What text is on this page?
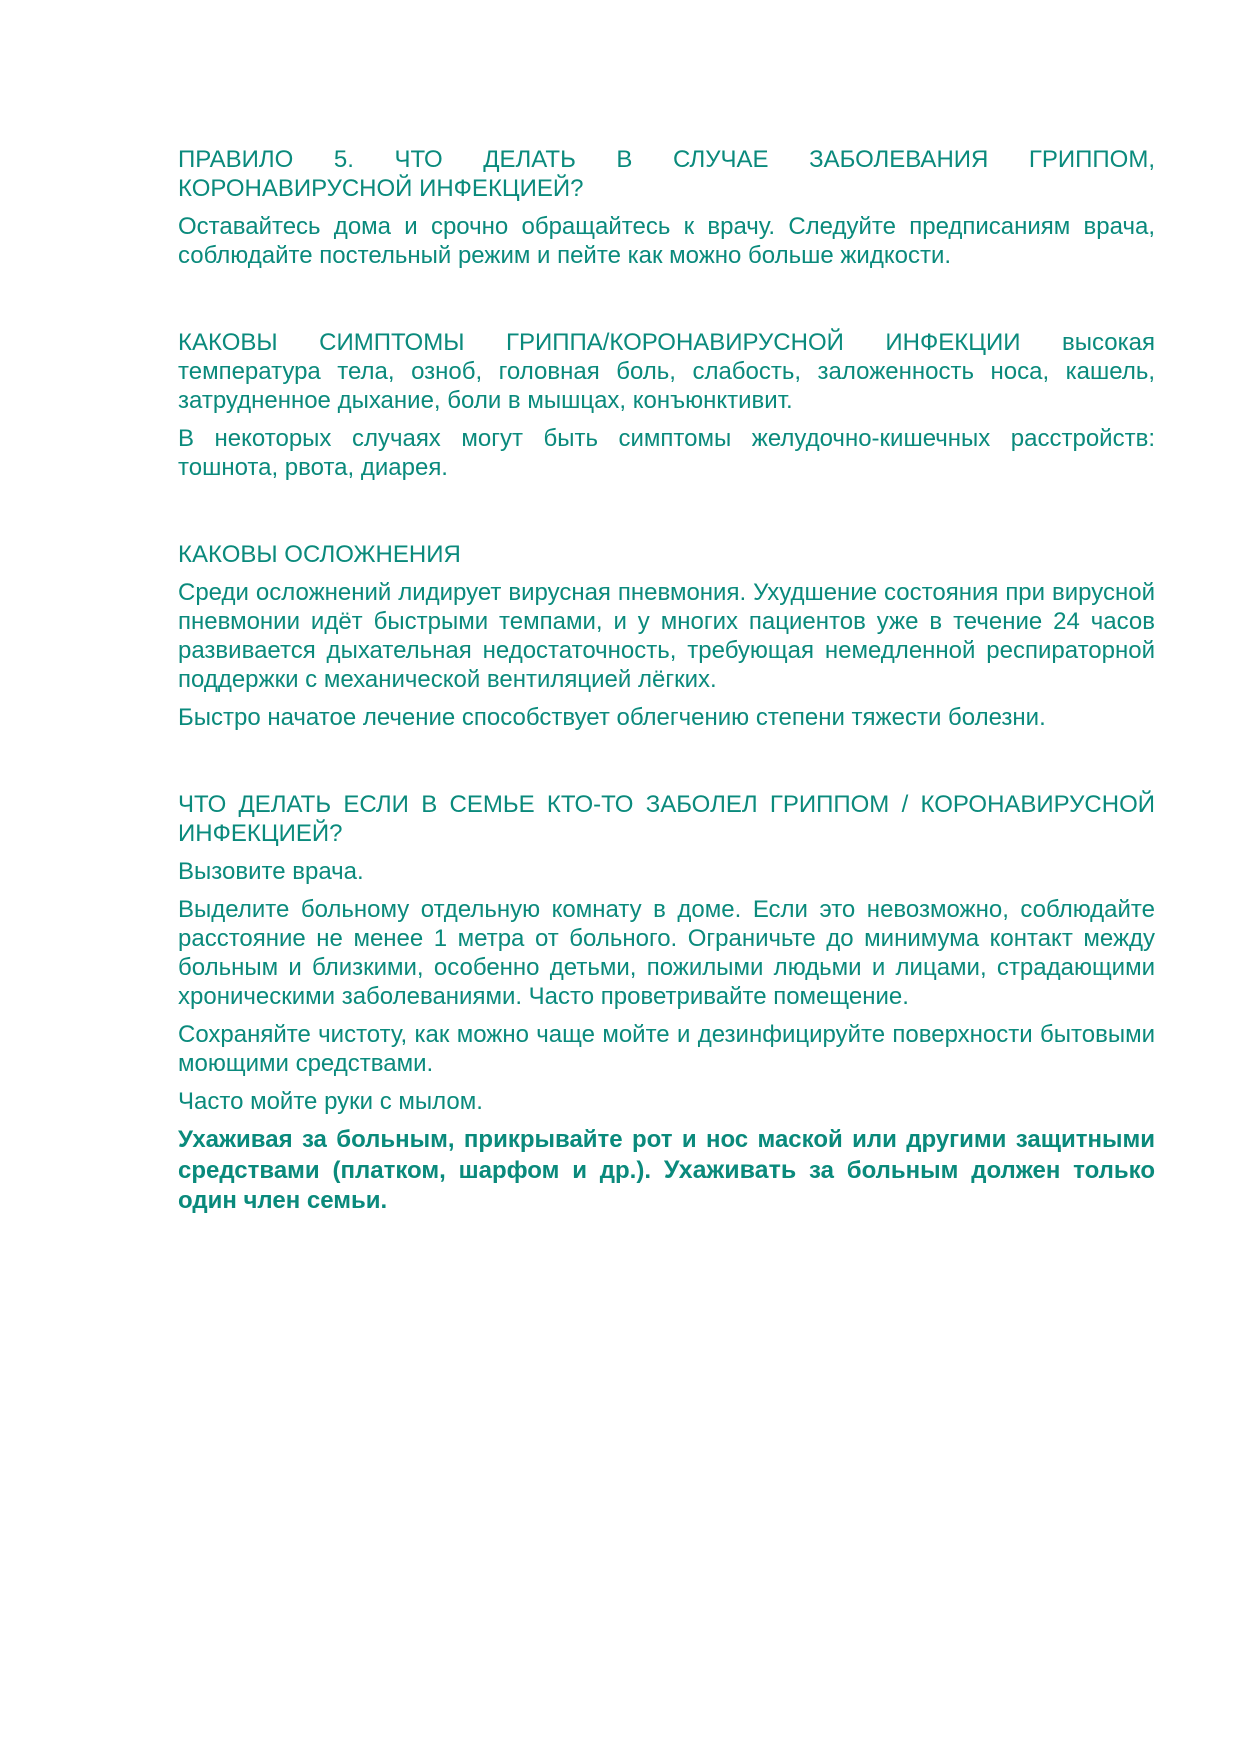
ПРАВИЛО 5. ЧТО ДЕЛАТЬ В СЛУЧАЕ ЗАБОЛЕВАНИЯ ГРИППОМ, КОРОНАВИРУСНОЙ ИНФЕКЦИЕЙ?

Оставайтесь дома и срочно обращайтесь к врачу. Следуйте предписаниям врача, соблюдайте постельный режим и пейте как можно больше жидкости.

КАКОВЫ СИМПТОМЫ ГРИППА/КОРОНАВИРУСНОЙ ИНФЕКЦИИ высокая температура тела, озноб, головная боль, слабость, заложенность носа, кашель, затрудненное дыхание, боли в мышцах, конъюнктивит.

В некоторых случаях могут быть симптомы желудочно-кишечных расстройств: тошнота, рвота, диарея.

КАКОВЫ ОСЛОЖНЕНИЯ

Среди осложнений лидирует вирусная пневмония. Ухудшение состояния при вирусной пневмонии идёт быстрыми темпами, и у многих пациентов уже в течение 24 часов развивается дыхательная недостаточность, требующая немедленной респираторной поддержки с механической вентиляцией лёгких.

Быстро начатое лечение способствует облегчению степени тяжести болезни.

ЧТО ДЕЛАТЬ ЕСЛИ В СЕМЬЕ КТО-ТО ЗАБОЛЕЛ ГРИППОМ / КОРОНАВИРУСНОЙ ИНФЕКЦИЕЙ?

Вызовите врача.

Выделите больному отдельную комнату в доме. Если это невозможно, соблюдайте расстояние не менее 1 метра от больного. Ограничьте до минимума контакт между больным и близкими, особенно детьми, пожилыми людьми и лицами, страдающими хроническими заболеваниями. Часто проветривайте помещение.

Сохраняйте чистоту, как можно чаще мойте и дезинфицируйте поверхности бытовыми моющими средствами.

Часто мойте руки с мылом.

Ухаживая за больным, прикрывайте рот и нос маской или другими защитными средствами (платком, шарфом и др.). Ухаживать за больным должен только один член семьи.
